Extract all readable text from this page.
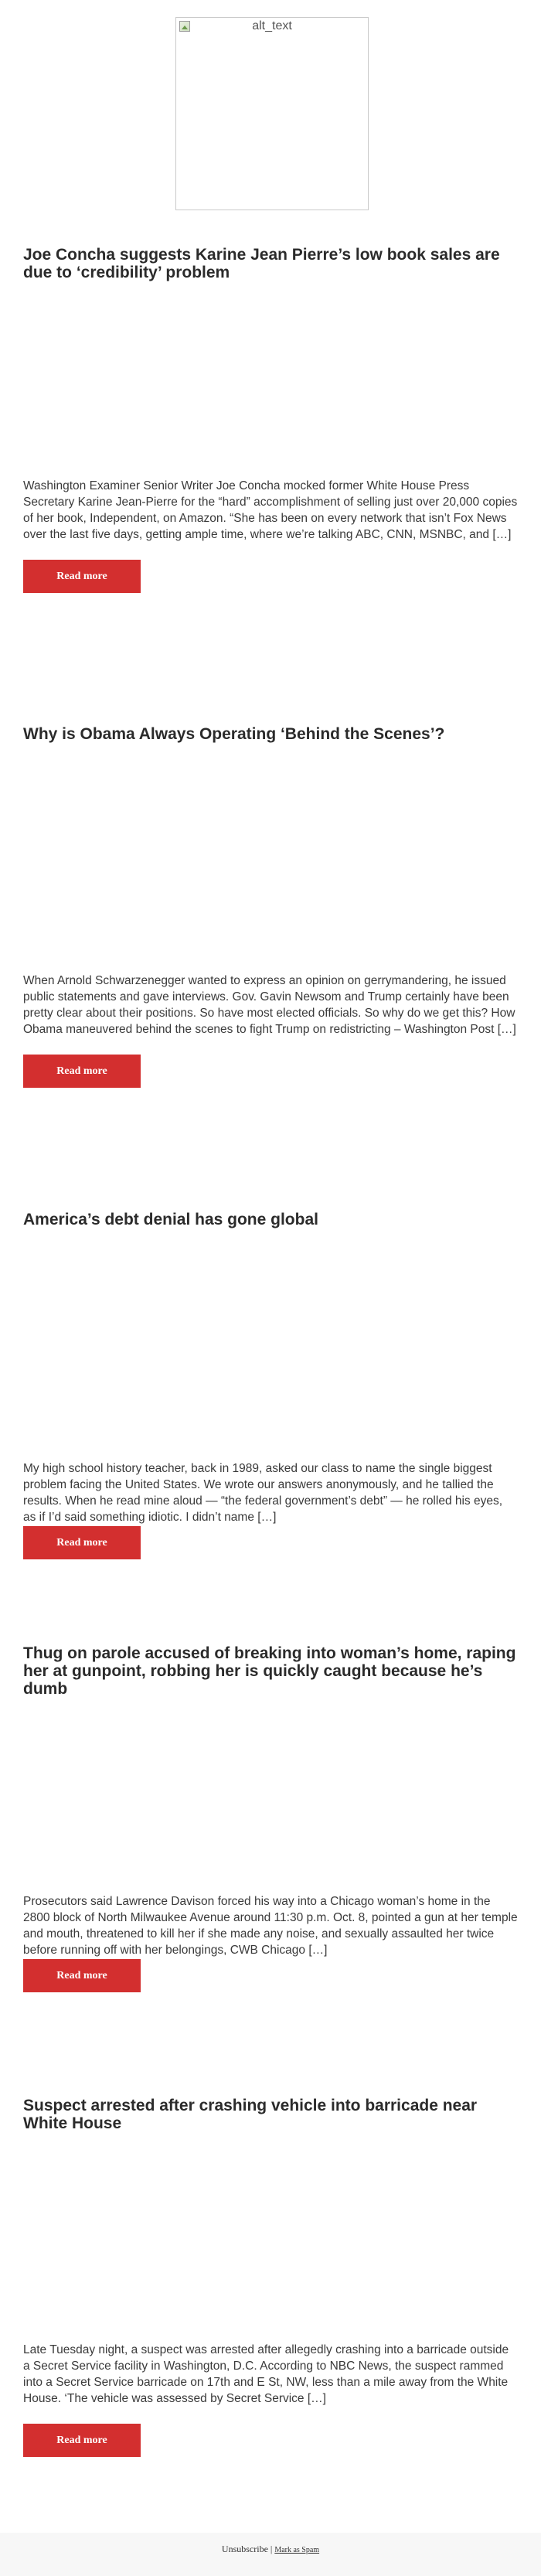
alt_text
Joe Concha suggests Karine Jean Pierre’s low book sales are due to ‘credibility’ problem

Washington Examiner Senior Writer Joe Concha mocked former White House Press Secretary Karine Jean-Pierre for the “hard” accomplishment of selling just over 20,000 copies of her book, Independent, on Amazon. “She has been on every network that isn’t Fox News over the last five days, getting ample time, where we’re talking ABC, CNN, MSNBC, and […]

Read more
Why is Obama Always Operating ‘Behind the Scenes’?

When Arnold Schwarzenegger wanted to express an opinion on gerrymandering, he issued public statements and gave interviews. Gov. Gavin Newsom and Trump certainly have been pretty clear about their positions. So have most elected officials. So why do we get this? How Obama maneuvered behind the scenes to fight Trump on redistricting – Washington Post […]

Read more
America’s debt denial has gone global

My high school history teacher, back in 1989, asked our class to name the single biggest problem facing the United States. We wrote our answers anonymously, and he tallied the results. When he read mine aloud — “the federal government’s debt” — he rolled his eyes, as if I’d said something idiotic. I didn’t name […]

Read more
Thug on parole accused of breaking into woman’s home, raping her at gunpoint, robbing her is quickly caught because he’s dumb

Prosecutors said Lawrence Davison forced his way into a Chicago woman’s home in the 2800 block of North Milwaukee Avenue around 11:30 p.m. Oct. 8, pointed a gun at her temple and mouth, threatened to kill her if she made any noise, and sexually assaulted her twice before running off with her belongings, CWB Chicago […]

Read more
Suspect arrested after crashing vehicle into barricade near White House

Late Tuesday night, a suspect was arrested after allegedly crashing into a barricade outside a Secret Service facility in Washington, D.C. According to NBC News, the suspect rammed into a Secret Service barricade on 17th and E St, NW, less than a mile away from the White House. ‘The vehicle was assessed by Secret Service […]

Read more
Unsubscribe | Mark as Spam
